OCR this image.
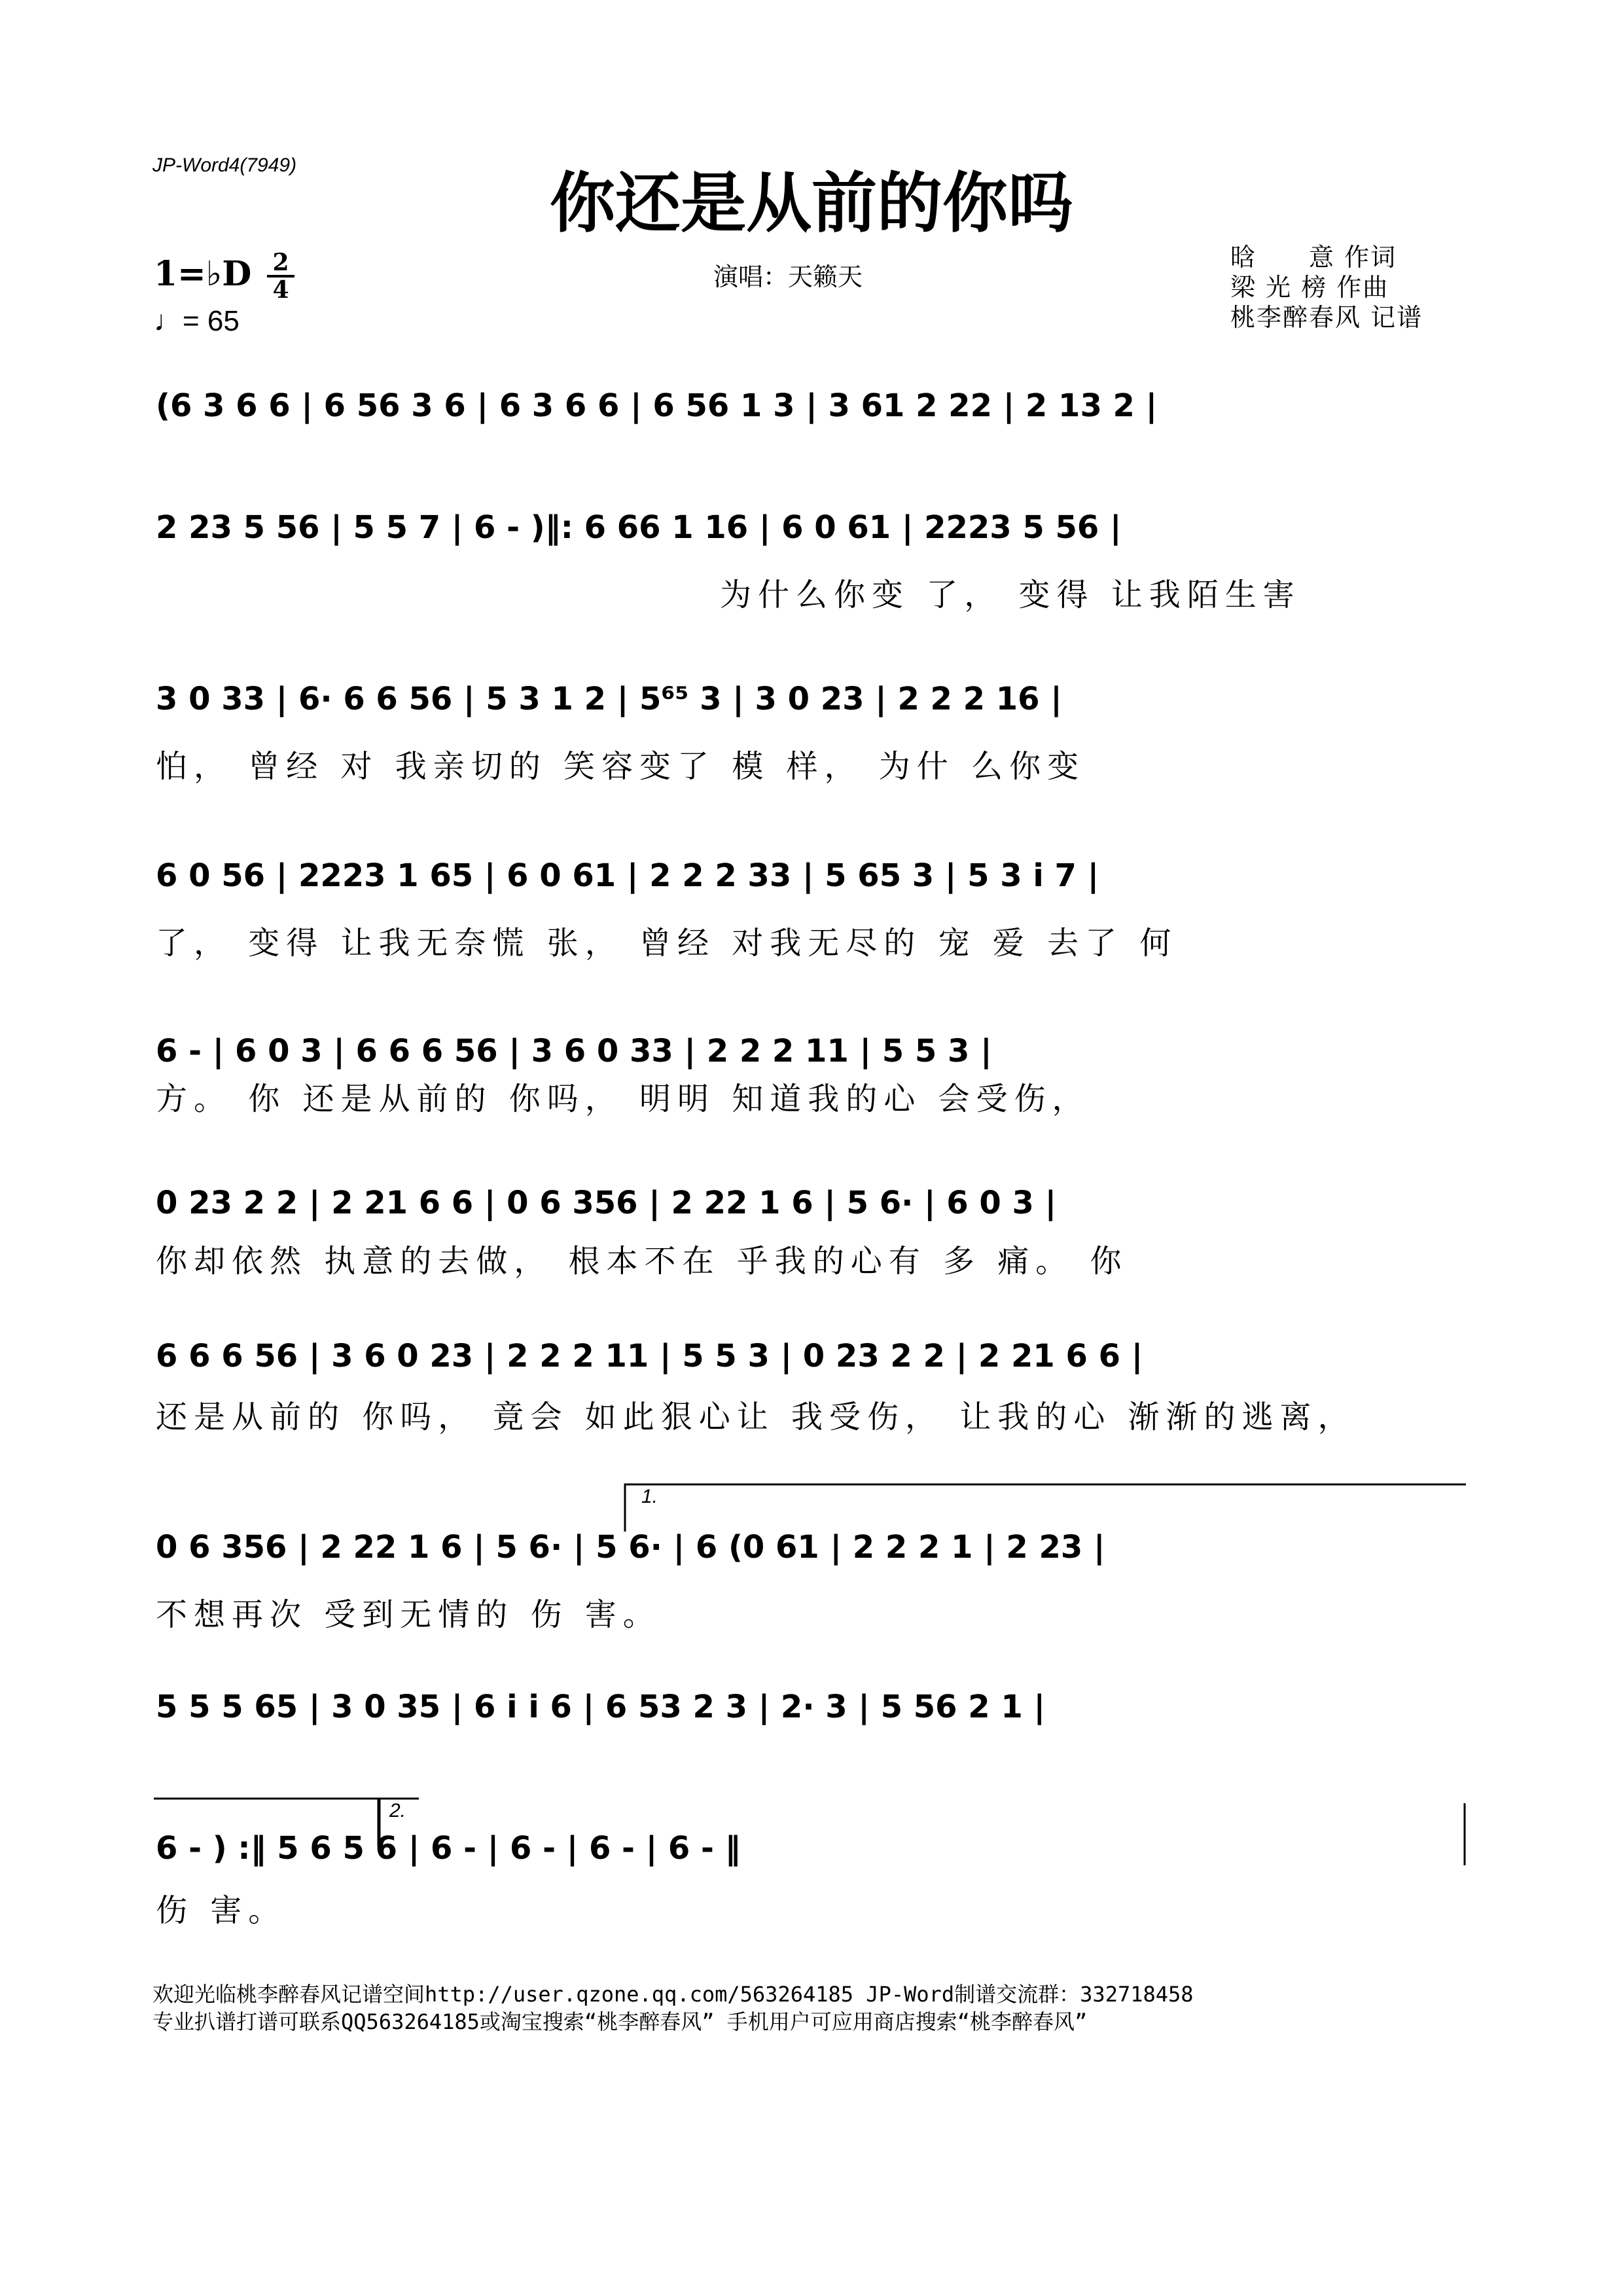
JP-Word4(7949)	你还是从前的你吗
1=♭D $\frac{2}{4}$
♩= 65
演唱：天籁天
晗　　意 作词
梁 光 榜 作曲
桃李醉春风 记谱
(6 3 6 6 | 6 56 3 6 | 6 3 6 6 | 6 56 1 3 | 3 61 2 22 | 2 13 2 |
2 23 5 56 | 5 5 7 | 6 - )‖: 6 66 1 16 | 6 0 61 | 2223 5 56 |
为什么你变 了， 变得 让我陌生害
3 0 33 | 6· 6 6 56 | 5 3 1 2 | 5⁶⁵ 3 | 3 0 23 | 2 2 2 16 |
怕， 曾经 对 我亲切的 笑容变了 模 样， 为什 么你变
6 0 56 | 2223 1 65 | 6 0 61 | 2 2 2 33 | 5 65 3 | 5 3 i 7 |
了， 变得 让我无奈慌 张， 曾经 对我无尽的 宠 爱 去了 何
6 - | 6 0 3 | 6 6 6 56 | 3 6 0 33 | 2 2 2 11 | 5 5 3 |
方。 你 还是从前的 你吗， 明明 知道我的心 会受伤，
0 23 2 2 | 2 21 6 6 | 0 6 356 | 2 22 1 6 | 5 6· | 6 0 3 |
你却依然 执意的去做， 根本不在 乎我的心有 多 痛。 你
6 6 6 56 | 3 6 0 23 | 2 2 2 11 | 5 5 3 | 0 23 2 2 | 2 21 6 6 |
还是从前的 你吗， 竟会 如此狠心让 我受伤， 让我的心 渐渐的逃离，
0 6 356 | 2 22 1 6 | 5 6· | 5 6· | 6 (0 61 | 2 2 2 1 | 2 23 |
不想再次 受到无情的 伤 害。
5 5 5 65 | 3 0 35 | 6 i i 6 | 6 53 2 3 | 2· 3 | 5 56 2 1 |
6 - ) :‖ 5 6 5 6 | 6 - | 6 - | 6 - | 6 - ‖
伤 害。
1.
2.
欢迎光临桃李醉春风记谱空间http://user.qzone.qq.com/563264185 JP-Word制谱交流群：332718458
专业扒谱打谱可联系QQ563264185或淘宝搜索“桃李醉春风” 手机用户可应用商店搜索“桃李醉春风”
